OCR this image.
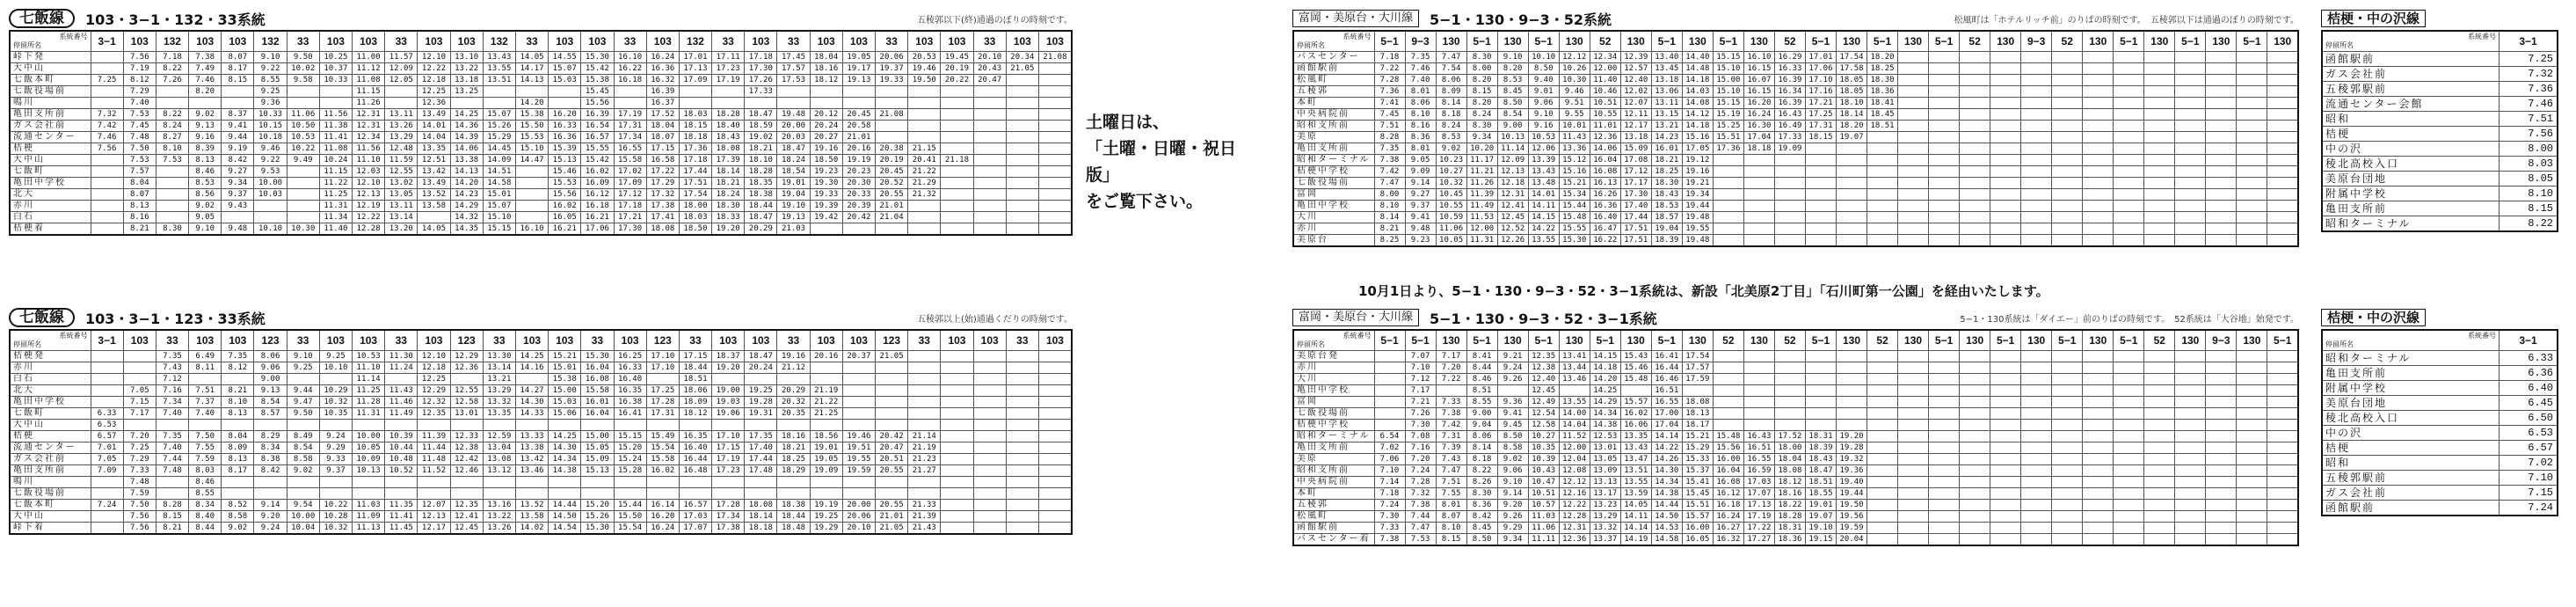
七飯線	103・3−1・132・33系統	五稜郭以下(終)通過のぼりの時刻です。
系統番号
停留所名	3−1	103	132	103	103	132	33	103	103	33	103	103	132	33	103	103	33	103	132	33	103	33	103	103	33	103	103	33	103	103
峠下発		7.56	7.18	7.38	8.07	9.10	9.50	10.25	11.00	11.57	12.10	13.10	13.43	14.05	14.55	15.30	16.10	16.24	17.01	17.11	17.18	17.45	18.04	19.05	20.06	20.53	19.45	20.10	20.34	21.08
大中山		7.19	8.22	7.49	8.17	9.22	10.02	10.37	11.12	12.09	12.22	13.22	13.55	14.17	15.07	15.42	16.22	16.36	17.13	17.23	17.30	17.57	18.16	19.17	19.37	19.46	20.19	20.43	21.05	
七飯本町	7.25	8.12	7.26	7.46	8.15	8.55	9.58	10.33	11.08	12.05	12.18	13.18	13.51	14.13	15.03	15.38	16.18	16.32	17.09	17.19	17.26	17.53	18.12	19.13	19.33	19.50	20.22	20.47		
七飯役場前		7.29		8.20		9.25			11.15		12.25	13.25				15.45		16.39			17.33									
鳴川		7.40				9.36			11.26		12.36			14.20		15.56		16.37												
亀田支所前	7.32	7.53	8.22	9.02	8.37	10.33	11.06	11.56	12.31	13.11	13.49	14.25	15.07	15.38	16.20	16.39	17.19	17.52	18.03	18.28	18.47	19.48	20.12	20.45	21.08					
ガス会社前	7.42	7.45	8.24	9.13	9.41	10.15	10.50	11.38	12.31	13.26	14.01	14.36	15.26	15.50	16.33	16.54	17.31	18.04	18.15	18.40	18.59	20.00	20.24	20.58						
流通センター	7.46	7.48	8.27	9.16	9.44	10.18	10.53	11.41	12.34	13.29	14.04	14.39	15.29	15.53	16.36	16.57	17.34	18.07	18.18	18.43	19.02	20.03	20.27	21.01						
桔梗	7.56	7.50	8.10	8.39	9.19	9.46	10.22	11.08	11.56	12.48	13.35	14.06	14.45	15.10	15.39	15.55	16.55	17.15	17.36	18.08	18.21	18.47	19.16	20.16	20.38	21.15				
大中山		7.53	7.53	8.13	8.42	9.22	9.49	10.24	11.10	11.59	12.51	13.38	14.09	14.47	15.13	15.42	15.58	16.58	17.18	17.39	18.10	18.24	18.50	19.19	20.19	20.41	21.18			
七飯町		7.57		8.46	9.27	9.53		11.15	12.03	12.55	13.42	14.13	14.51		15.46	16.02	17.02	17.22	17.44	18.14	18.28	18.54	19.23	20.23	20.45	21.22				
亀田中学校		8.04		8.53	9.34	10.00		11.22	12.10	13.02	13.49	14.20	14.58		15.53	16.09	17.09	17.29	17.51	18.21	18.35	19.01	19.30	20.30	20.52	21.29				
北大		8.07		8.56	9.37	10.03		11.25	12.13	13.05	13.52	14.23	15.01		15.56	16.12	17.12	17.32	17.54	18.24	18.38	19.04	19.33	20.33	20.55	21.32				
赤川		8.13		9.02	9.43			11.31	12.19	13.11	13.58	14.29	15.07		16.02	16.18	17.18	17.38	18.00	18.30	18.44	19.10	19.39	20.39	21.01					
白石		8.16		9.05				11.34	12.22	13.14		14.32	15.10		16.05	16.21	17.21	17.41	18.03	18.33	18.47	19.13	19.42	20.42	21.04					
桔梗着		8.21	8.30	9.10	9.48	10.10	10.30	11.40	12.28	13.20	14.05	14.35	15.15	16.10	16.21	17.06	17.30	18.08	18.50	19.20	20.29	21.03								
七飯線	103・3−1・123・33系統	五稜郭以上(始)通過くだりの時刻です。
系統番号
停留所名	3−1	103	33	103	103	123	33	103	103	33	103	123	33	103	103	33	103	123	33	103	103	33	103	103	123	33	103	103	33	103
桔梗発			7.35	6.49	7.35	8.06	9.10	9.25	10.53	11.30	12.10	12.29	13.30	14.25	15.21	15.30	16.25	17.10	17.15	18.37	18.47	19.16	20.16	20.37	21.05					
赤川			7.43	8.11	8.12	9.06	9.25	10.10	11.10	11.24	12.18	12.36	13.14	14.16	15.01	16.04	16.33	17.10	18.44	19.20	20.24	21.12								
白石			7.12			9.00			11.14		12.25		13.21		15.38	16.08	16.40		18.51											
北大		7.05	7.16	7.51	8.21	9.13	9.44	10.29	11.25	11.43	12.29	12.55	13.29	14.27	15.00	15.58	16.35	17.25	18.06	19.00	19.25	20.29	21.19							
亀田中学校		7.15	7.34	7.37	8.10	8.54	9.47	10.32	11.28	11.46	12.32	12.58	13.32	14.30	15.03	16.01	16.38	17.28	18.09	19.03	19.28	20.32	21.22							
七飯町	6.33	7.17	7.40	7.40	8.13	8.57	9.50	10.35	11.31	11.49	12.35	13.01	13.35	14.33	15.06	16.04	16.41	17.31	18.12	19.06	19.31	20.35	21.25							
大中山	6.53																													
桔梗	6.57	7.20	7.35	7.50	8.04	8.29	8.49	9.24	10.00	10.39	11.39	12.33	12.59	13.33	14.25	15.00	15.15	15.49	16.35	17.10	17.35	18.16	18.56	19.46	20.42	21.14				
流通センター	7.01	7.25	7.40	7.55	8.09	8.34	8.54	9.29	10.05	10.44	11.44	12.38	13.04	13.38	14.30	15.05	15.20	15.54	16.40	17.15	17.40	18.21	19.01	19.51	20.47	21.19				
ガス会社前	7.05	7.29	7.44	7.59	8.13	8.38	8.58	9.33	10.09	10.48	11.48	12.42	13.08	13.42	14.34	15.09	15.24	15.58	16.44	17.19	17.44	18.25	19.05	19.55	20.51	21.23				
亀田支所前	7.09	7.33	7.48	8.03	8.17	8.42	9.02	9.37	10.13	10.52	11.52	12.46	13.12	13.46	14.38	15.13	15.28	16.02	16.48	17.23	17.48	18.29	19.09	19.59	20.55	21.27				
鳴川		7.48		8.46																										
七飯役場前		7.59		8.55																										
七飯本町	7.24	7.50	8.28	8.34	8.52	9.14	9.54	10.22	11.03	11.35	12.07	12.35	13.16	13.52	14.44	15.20	15.44	16.14	16.57	17.28	18.08	18.38	19.19	20.00	20.55	21.33				
大中山		7.56	8.15	8.40	8.58	9.20	10.00	10.28	11.09	11.41	12.13	12.41	13.22	13.58	14.50	15.26	15.50	16.20	17.03	17.34	18.14	18.44	19.25	20.06	21.01	21.39				
峠下着		7.56	8.21	8.44	9.02	9.24	10.04	10.32	11.13	11.45	12.17	12.45	13.26	14.02	14.54	15.30	15.54	16.24	17.07	17.38	18.18	18.48	19.29	20.10	21.05	21.43				
富岡・美原台・大川線	5−1・130・9−3・52系統	松風町は「ホテルリッチ前」のりばの時刻です。　五稜郭以下は通過のぼりの時刻です。
系統番号
停留所名	5−1	9−3	130	5−1	130	5−1	130	52	130	5−1	130	5−1	130	52	5−1	130	5−1	130	5−1	52	130	9−3	52	130	5−1	130	5−1	130	5−1	130
バスセンター	7.18	7.35	7.47	8.30	9.10	10.10	12.12	12.34	12.39	13.40	14.40	15.15	16.10	16.29	17.01	17.54	18.20													
函館駅前	7.22	7.46	7.54	8.00	8.20	8.50	10.26	12.00	12.57	13.45	14.48	15.10	16.15	16.33	17.06	17.58	18.25													
松風町	7.28	7.40	8.06	8.20	8.53	9.40	10.30	11.40	12.40	13.18	14.18	15.00	16.07	16.39	17.10	18.05	18.30													
五稜郭	7.36	8.01	8.09	8.15	8.45	9.01	9.46	10.46	12.02	13.06	14.03	15.10	16.15	16.34	17.16	18.05	18.36													
本町	7.41	8.06	8.14	8.20	8.50	9.06	9.51	10.51	12.07	13.11	14.08	15.15	16.20	16.39	17.21	18.10	18.41													
中央病院前	7.45	8.10	8.18	8.24	8.54	9.10	9.55	10.55	12.11	13.15	14.12	15.19	16.24	16.43	17.25	18.14	18.45													
昭和支所前	7.51	8.16	8.24	8.30	9.00	9.16	10.01	11.01	12.17	13.21	14.18	15.25	16.30	16.49	17.31	18.20	18.51													
美原	8.28	8.36	8.53	9.34	10.13	10.53	11.43	12.36	13.18	14.23	15.16	15.51	17.04	17.33	18.15	19.07														
亀田支所前	7.35	8.01	9.02	10.20	11.14	12.06	13.36	14.06	15.09	16.01	17.05	17.36	18.18	19.09																
昭和ターミナル	7.38	9.05	10.23	11.17	12.09	13.39	15.12	16.04	17.08	18.21	19.12																			
桔梗中学校	7.42	9.09	10.27	11.21	12.13	13.43	15.16	16.08	17.12	18.25	19.16																			
七飯役場前	7.47	9.14	10.32	11.26	12.18	13.48	15.21	16.13	17.17	18.30	19.21																			
富岡	8.00	9.27	10.45	11.39	12.31	14.01	15.34	16.26	17.30	18.43	19.34																			
亀田中学校	8.10	9.37	10.55	11.49	12.41	14.11	15.44	16.36	17.40	18.53	19.44																			
大川	8.14	9.41	10.59	11.53	12.45	14.15	15.48	16.40	17.44	18.57	19.48																			
赤川	8.21	9.48	11.06	12.00	12.52	14.22	15.55	16.47	17.51	19.04	19.55																			
美原台	8.25	9.23	10.05	11.31	12.26	13.55	15.30	16.22	17.51	18.39	19.48																			
富岡・美原台・大川線	5−1・130・9−3・52・3−1系統	5−1・130系統は「ダイエー」前のりばの時刻です。　52系統は「大谷地」始発です。
系統番号
停留所名	5−1	5−1	130	5−1	130	5−1	130	5−1	130	5−1	130	52	130	52	5−1	130	52	130	5−1	130	5−1	130	5−1	130	5−1	52	130	9−3	130	5−1
美原台発		7.07	7.17	8.41	9.21	12.35	13.41	14.15	15.43	16.41	17.54																			
赤川		7.10	7.20	8.44	9.24	12.38	13.44	14.18	15.46	16.44	17.57																			
大川		7.12	7.22	8.46	9.26	12.40	13.46	14.20	15.48	16.46	17.59																			
亀田中学校		7.17		8.51		12.45		14.25		16.51																				
富岡		7.21	7.33	8.55	9.36	12.49	13.55	14.29	15.57	16.55	18.08																			
七飯役場前		7.26	7.38	9.00	9.41	12.54	14.00	14.34	16.02	17.00	18.13																			
桔梗中学校		7.30	7.42	9.04	9.45	12.58	14.04	14.38	16.06	17.04	18.17																			
昭和ターミナル	6.54	7.08	7.31	8.06	8.50	10.27	11.52	12.53	13.35	14.14	15.21	15.48	16.43	17.52	18.31	19.20														
亀田支所前	7.02	7.16	7.39	8.14	8.58	10.35	12.00	13.01	13.43	14.22	15.29	15.56	16.51	18.00	18.39	19.28														
美原	7.06	7.20	7.43	8.18	9.02	10.39	12.04	13.05	13.47	14.26	15.33	16.00	16.55	18.04	18.43	19.32														
昭和支所前	7.10	7.24	7.47	8.22	9.06	10.43	12.08	13.09	13.51	14.30	15.37	16.04	16.59	18.08	18.47	19.36														
中央病院前	7.14	7.28	7.51	8.26	9.10	10.47	12.12	13.13	13.55	14.34	15.41	16.08	17.03	18.12	18.51	19.40														
本町	7.18	7.32	7.55	8.30	9.14	10.51	12.16	13.17	13.59	14.38	15.45	16.12	17.07	18.16	18.55	19.44														
五稜郭	7.24	7.38	8.01	8.36	9.20	10.57	12.22	13.23	14.05	14.44	15.51	16.18	17.13	18.22	19.01	19.50														
松風町	7.30	7.44	8.07	8.42	9.26	11.03	12.28	13.29	14.11	14.50	15.57	16.24	17.19	18.28	19.07	19.56														
函館駅前	7.33	7.47	8.10	8.45	9.29	11.06	12.31	13.32	14.14	14.53	16.00	16.27	17.22	18.31	19.10	19.59														
バスセンター着	7.38	7.53	8.15	8.50	9.34	11.11	12.36	13.37	14.19	14.58	16.05	16.32	17.27	18.36	19.15	20.04														
土曜日は、
「土曜・日曜・祝日版」
をご覧下さい。
10月1日より、5−1・130・9−3・52・3−1系統は、新設「北美原2丁目」「石川町第一公園」を経由いたします。
桔梗・中の沢線
系統番号
停留所名	3−1
函館駅前	7.25
ガス会社前	7.32
五稜郭駅前	7.36
流通センター会館	7.46
昭和	7.51
桔梗	7.56
中の沢	8.00
稜北高校入口	8.03
美原台団地	8.05
附属中学校	8.10
亀田支所前	8.15
昭和ターミナル	8.22
桔梗・中の沢線
系統番号
停留所名	3−1
昭和ターミナル	6.33
亀田支所前	6.36
附属中学校	6.40
美原台団地	6.45
稜北高校入口	6.50
中の沢	6.53
桔梗	6.57
昭和	7.02
五稜郭駅前	7.10
ガス会社前	7.15
函館駅前	7.24
